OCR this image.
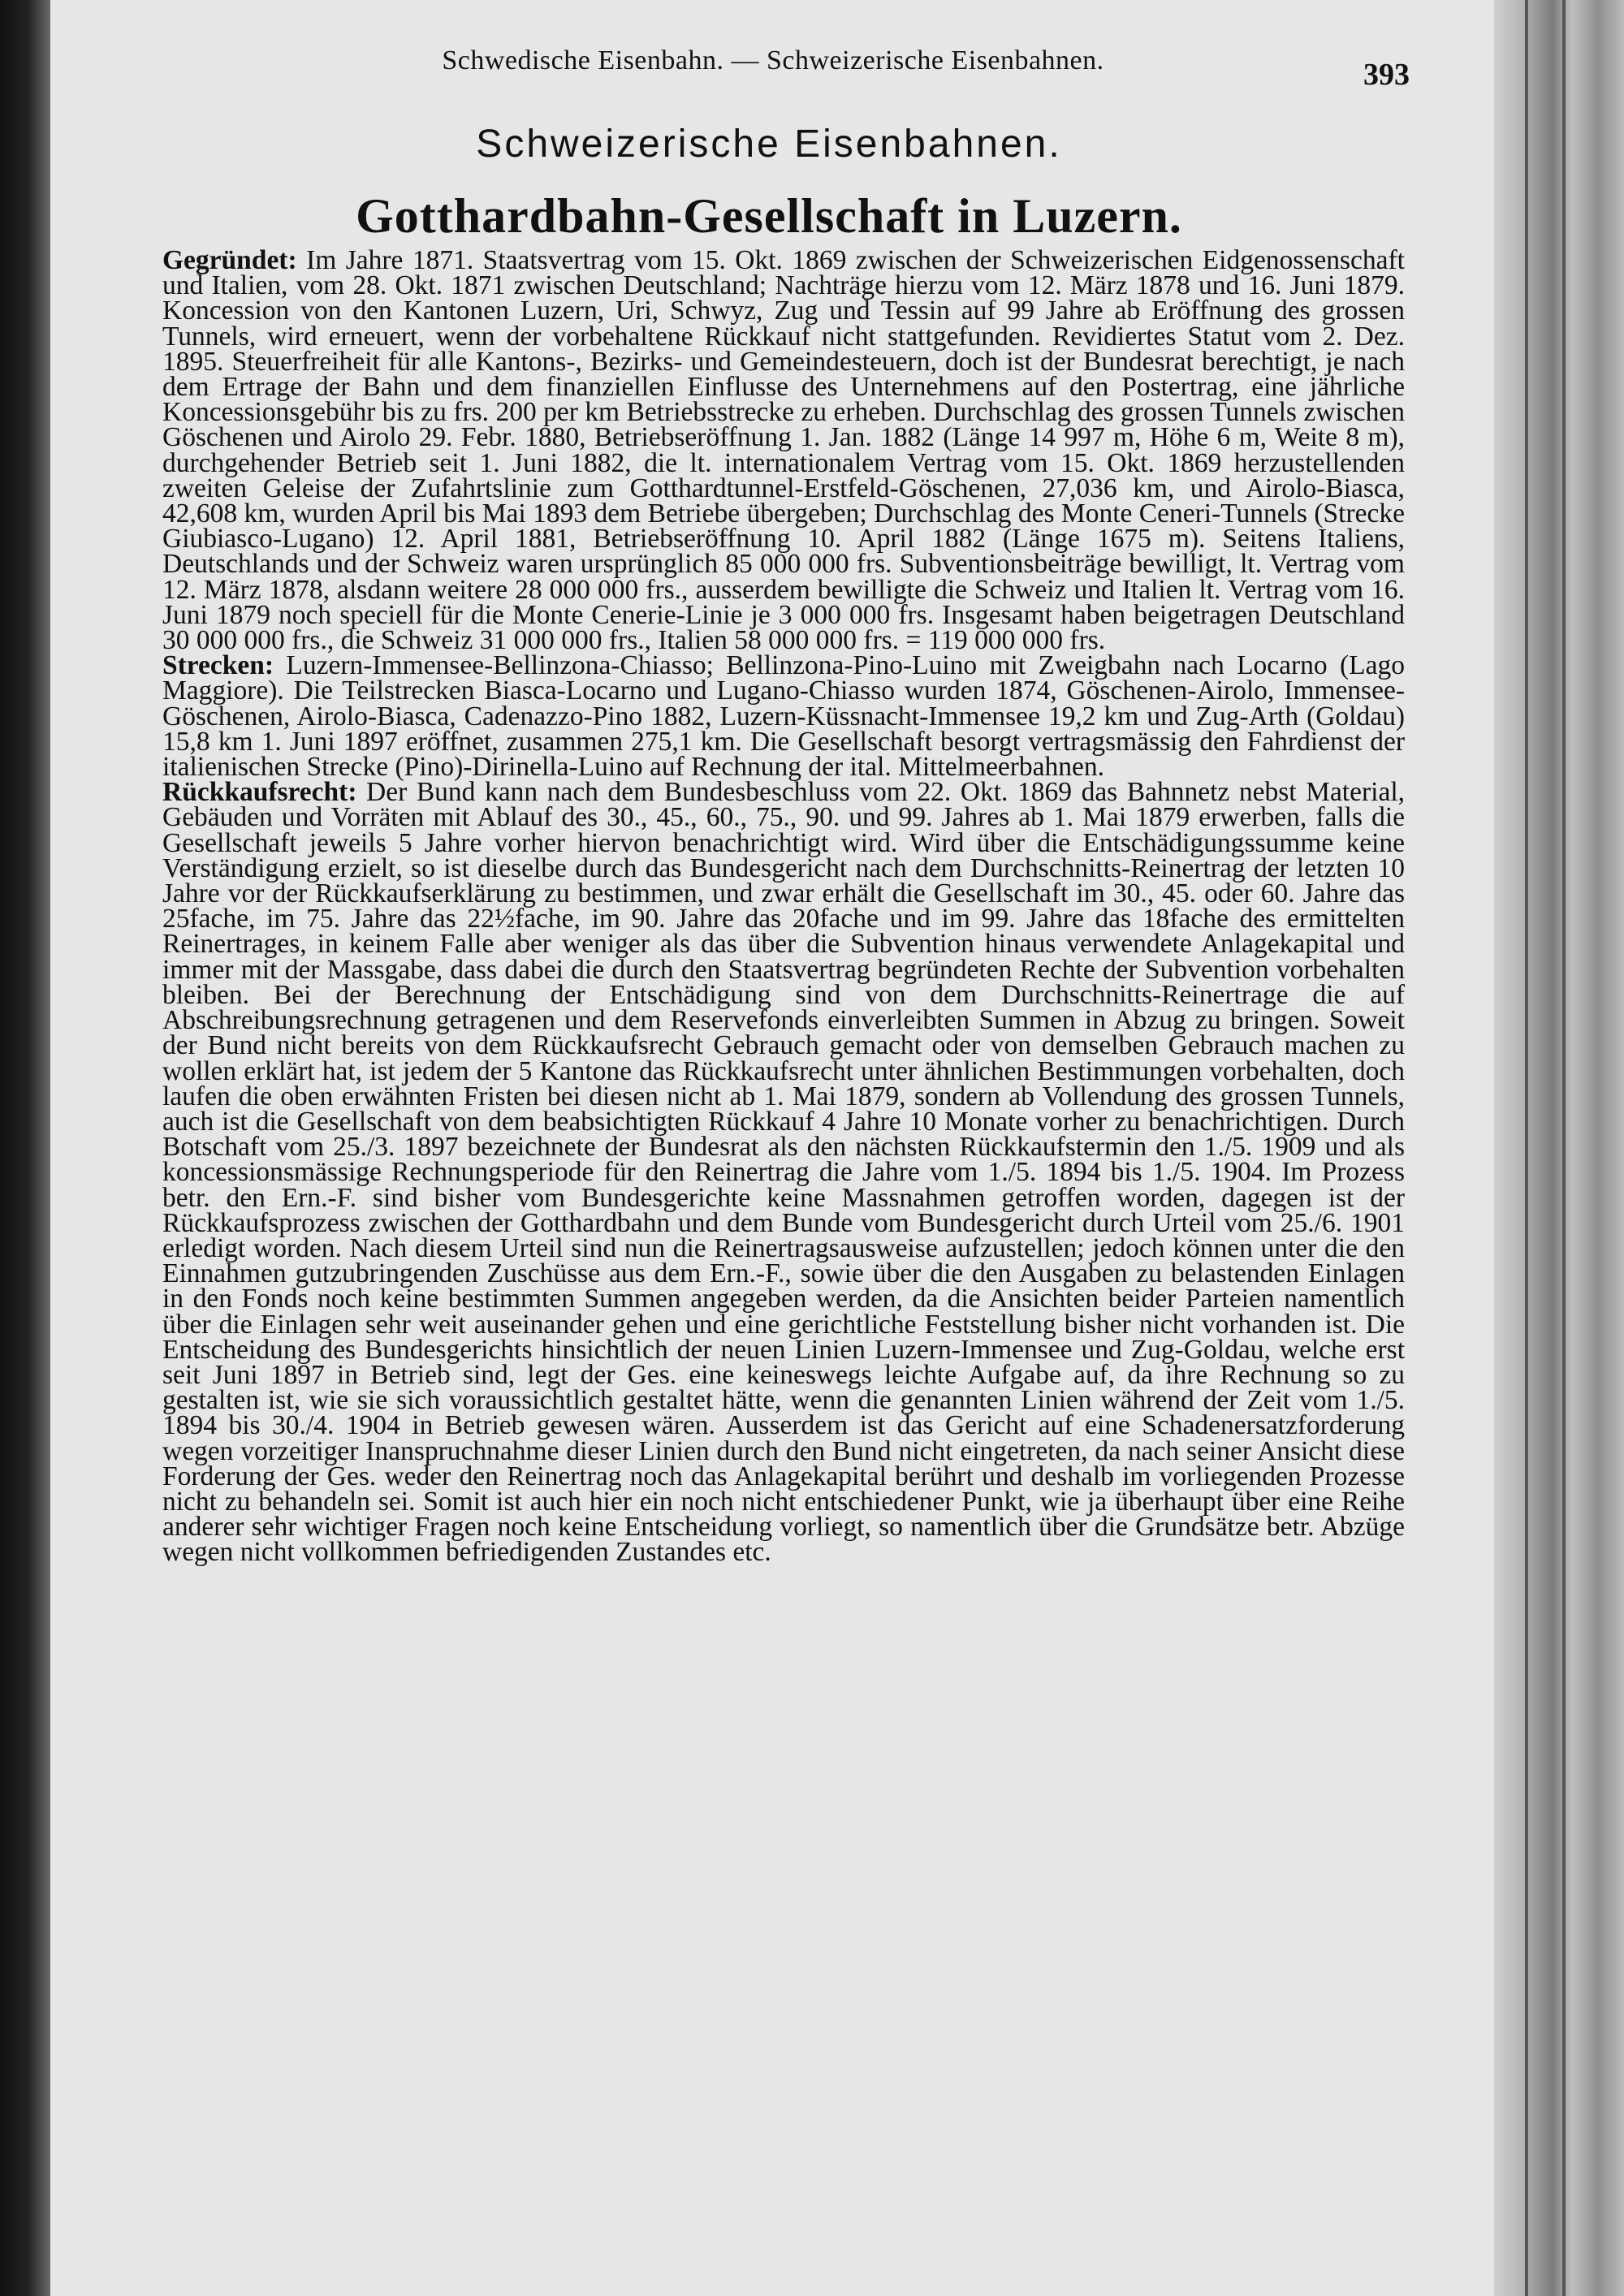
Schwedische Eisenbahn. — Schweizerische Eisenbahnen.	393
Schweizerische Eisenbahnen.
Gotthardbahn-Gesellschaft in Luzern.

Gegründet: Im Jahre 1871. Staatsvertrag vom 15. Okt. 1869 zwischen der Schweizerischen Eidgenossenschaft und Italien, vom 28. Okt. 1871 zwischen Deutschland; Nachträge hierzu vom 12. März 1878 und 16. Juni 1879. Koncession von den Kantonen Luzern, Uri, Schwyz, Zug und Tessin auf 99 Jahre ab Eröffnung des grossen Tunnels, wird erneuert, wenn der vorbehaltene Rückkauf nicht stattgefunden. Revidiertes Statut vom 2. Dez. 1895. Steuerfreiheit für alle Kantons-, Bezirks- und Gemeindesteuern, doch ist der Bundesrat berechtigt, je nach dem Ertrage der Bahn und dem finanziellen Einflusse des Unternehmens auf den Postertrag, eine jährliche Koncessionsgebühr bis zu frs. 200 per km Betriebsstrecke zu erheben. Durchschlag des grossen Tunnels zwischen Göschenen und Airolo 29. Febr. 1880, Betriebseröffnung 1. Jan. 1882 (Länge 14 997 m, Höhe 6 m, Weite 8 m), durchgehender Betrieb seit 1. Juni 1882, die lt. internationalem Vertrag vom 15. Okt. 1869 herzustellenden zweiten Geleise der Zufahrtslinie zum Gotthardtunnel-Erstfeld-Göschenen, 27,036 km, und Airolo-Biasca, 42,608 km, wurden April bis Mai 1893 dem Betriebe übergeben; Durchschlag des Monte Ceneri-Tunnels (Strecke Giubiasco-Lugano) 12. April 1881, Betriebseröffnung 10. April 1882 (Länge 1675 m). Seitens Italiens, Deutschlands und der Schweiz waren ursprünglich 85 000 000 frs. Subventionsbeiträge bewilligt, lt. Vertrag vom 12. März 1878, alsdann weitere 28 000 000 frs., ausserdem bewilligte die Schweiz und Italien lt. Vertrag vom 16. Juni 1879 noch speciell für die Monte Cenerie-Linie je 3 000 000 frs. Insgesamt haben beigetragen Deutschland 30 000 000 frs., die Schweiz 31 000 000 frs., Italien 58 000 000 frs. = 119 000 000 frs.

Strecken: Luzern-Immensee-Bellinzona-Chiasso; Bellinzona-Pino-Luino mit Zweigbahn nach Locarno (Lago Maggiore). Die Teilstrecken Biasca-Locarno und Lugano-Chiasso wurden 1874, Göschenen-Airolo, Immensee-Göschenen, Airolo-Biasca, Cadenazzo-Pino 1882, Luzern-Küssnacht-Immensee 19,2 km und Zug-Arth (Goldau) 15,8 km 1. Juni 1897 eröffnet, zusammen 275,1 km. Die Gesellschaft besorgt vertragsmässig den Fahrdienst der italienischen Strecke (Pino)-Dirinella-Luino auf Rechnung der ital. Mittelmeerbahnen.

Rückkaufsrecht: Der Bund kann nach dem Bundesbeschluss vom 22. Okt. 1869 das Bahnnetz nebst Material, Gebäuden und Vorräten mit Ablauf des 30., 45., 60., 75., 90. und 99. Jahres ab 1. Mai 1879 erwerben, falls die Gesellschaft jeweils 5 Jahre vorher hiervon benachrichtigt wird. Wird über die Entschädigungssumme keine Verständigung erzielt, so ist dieselbe durch das Bundesgericht nach dem Durchschnitts-Reinertrag der letzten 10 Jahre vor der Rückkaufserklärung zu bestimmen, und zwar erhält die Gesellschaft im 30., 45. oder 60. Jahre das 25fache, im 75. Jahre das 22½fache, im 90. Jahre das 20fache und im 99. Jahre das 18fache des ermittelten Reinertrages, in keinem Falle aber weniger als das über die Subvention hinaus verwendete Anlagekapital und immer mit der Massgabe, dass dabei die durch den Staatsvertrag begründeten Rechte der Subvention vorbehalten bleiben. Bei der Berechnung der Entschädigung sind von dem Durchschnitts-Reinertrage die auf Abschreibungsrechnung getragenen und dem Reservefonds einverleibten Summen in Abzug zu bringen. Soweit der Bund nicht bereits von dem Rückkaufsrecht Gebrauch gemacht oder von demselben Gebrauch machen zu wollen erklärt hat, ist jedem der 5 Kantone das Rückkaufsrecht unter ähnlichen Bestimmungen vorbehalten, doch laufen die oben erwähnten Fristen bei diesen nicht ab 1. Mai 1879, sondern ab Vollendung des grossen Tunnels, auch ist die Gesellschaft von dem beabsichtigten Rückkauf 4 Jahre 10 Monate vorher zu benachrichtigen. Durch Botschaft vom 25./3. 1897 bezeichnete der Bundesrat als den nächsten Rückkaufstermin den 1./5. 1909 und als koncessionsmässige Rechnungsperiode für den Reinertrag die Jahre vom 1./5. 1894 bis 1./5. 1904. Im Prozess betr. den Ern.-F. sind bisher vom Bundesgerichte keine Massnahmen getroffen worden, dagegen ist der Rückkaufsprozess zwischen der Gotthardbahn und dem Bunde vom Bundesgericht durch Urteil vom 25./6. 1901 erledigt worden. Nach diesem Urteil sind nun die Reinertragsausweise aufzustellen; jedoch können unter die den Einnahmen gutzubringenden Zuschüsse aus dem Ern.-F., sowie über die den Ausgaben zu belastenden Einlagen in den Fonds noch keine bestimmten Summen angegeben werden, da die Ansichten beider Parteien namentlich über die Einlagen sehr weit auseinander gehen und eine gerichtliche Feststellung bisher nicht vorhanden ist. Die Entscheidung des Bundesgerichts hinsichtlich der neuen Linien Luzern-Immensee und Zug-Goldau, welche erst seit Juni 1897 in Betrieb sind, legt der Ges. eine keineswegs leichte Aufgabe auf, da ihre Rechnung so zu gestalten ist, wie sie sich voraussichtlich gestaltet hätte, wenn die genannten Linien während der Zeit vom 1./5. 1894 bis 30./4. 1904 in Betrieb gewesen wären. Ausserdem ist das Gericht auf eine Schadenersatzforderung wegen vorzeitiger Inanspruchnahme dieser Linien durch den Bund nicht eingetreten, da nach seiner Ansicht diese Forderung der Ges. weder den Reinertrag noch das Anlagekapital berührt und deshalb im vorliegenden Prozesse nicht zu behandeln sei. Somit ist auch hier ein noch nicht entschiedener Punkt, wie ja überhaupt über eine Reihe anderer sehr wichtiger Fragen noch keine Entscheidung vorliegt, so namentlich über die Grundsätze betr. Abzüge wegen nicht vollkommen befriedigenden Zustandes etc.
